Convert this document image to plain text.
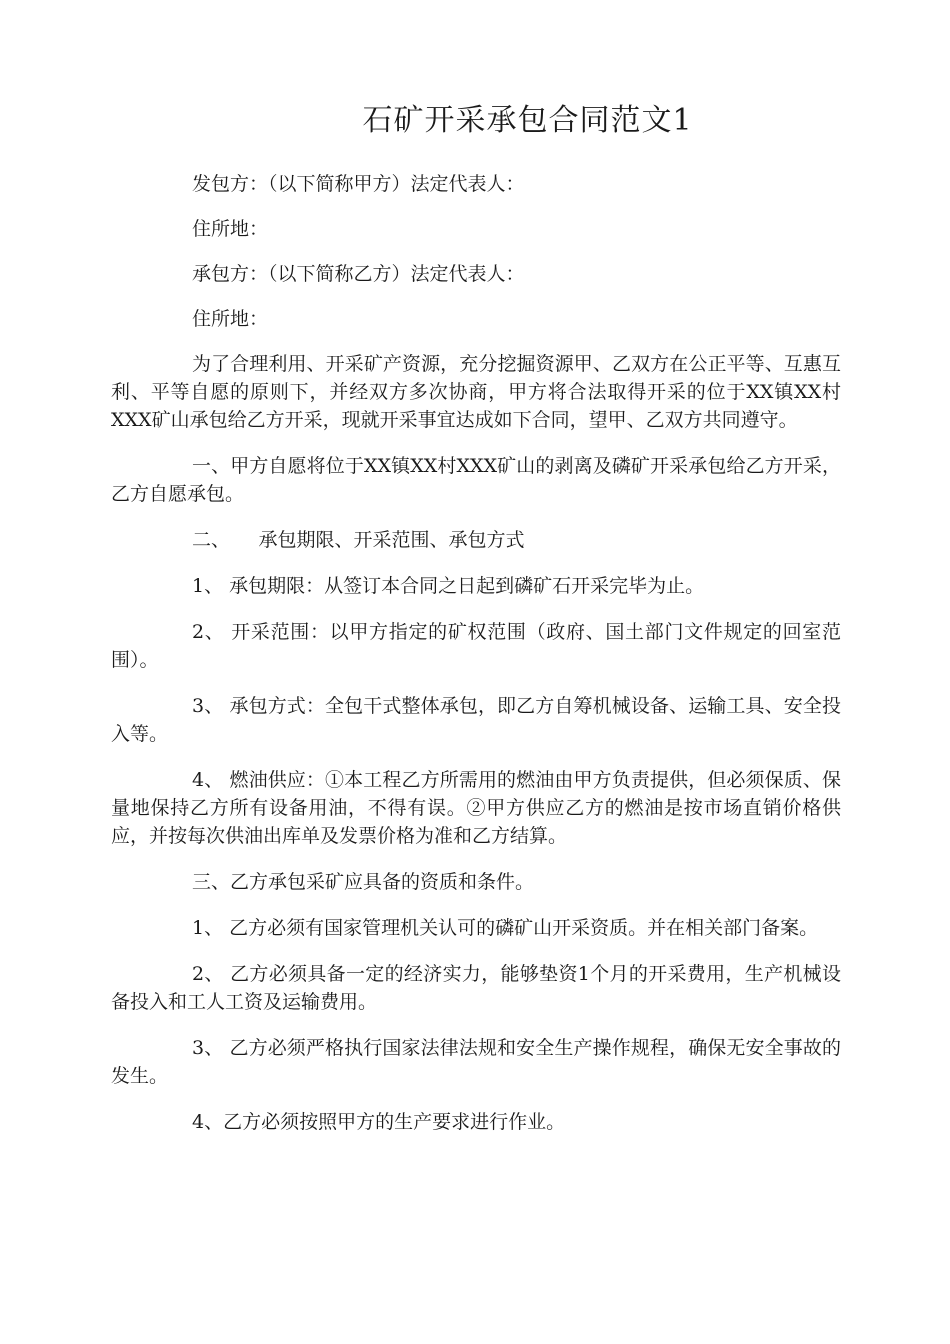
石矿开采承包合同范文1

发包方：（以下简称甲方）法定代表人：

住所地：

承包方：（以下简称乙方）法定代表人：

住所地：

为了合理利用、开采矿产资源，充分挖掘资源甲、乙双方在公正平等、互惠互利、平等自愿的原则下，并经双方多次协商，甲方将合法取得开采的位于XX镇XX村XXX矿山承包给乙方开采，现就开采事宜达成如下合同，望甲、乙双方共同遵守。

一、甲方自愿将位于XX镇XX村XXX矿山的剥离及磷矿开采承包给乙方开采，乙方自愿承包。

二、　　承包期限、开采范围、承包方式

1、 承包期限：从签订本合同之日起到磷矿石开采完毕为止。

2、 开采范围：以甲方指定的矿权范围（政府、国土部门文件规定的回室范 围）。

3、 承包方式：全包干式整体承包，即乙方自筹机械设备、运输工具、安全投入等。

4、 燃油供应：①本工程乙方所需用的燃油由甲方负责提供，但必须保质、保量地保持乙方所有设备用油，不得有误。②甲方供应乙方的燃油是按市场直销价格供应，并按每次供油出库单及发票价格为准和乙方结算。

三、乙方承包采矿应具备的资质和条件。

1、 乙方必须有国家管理机关认可的磷矿山开采资质。并在相关部门备案。

2、 乙方必须具备一定的经济实力，能够垫资1个月的开采费用，生产机械设备投入和工人工资及运输费用。

3、 乙方必须严格执行国家法律法规和安全生产操作规程，确保无安全事故的发生。

4、乙方必须按照甲方的生产要求进行作业。
